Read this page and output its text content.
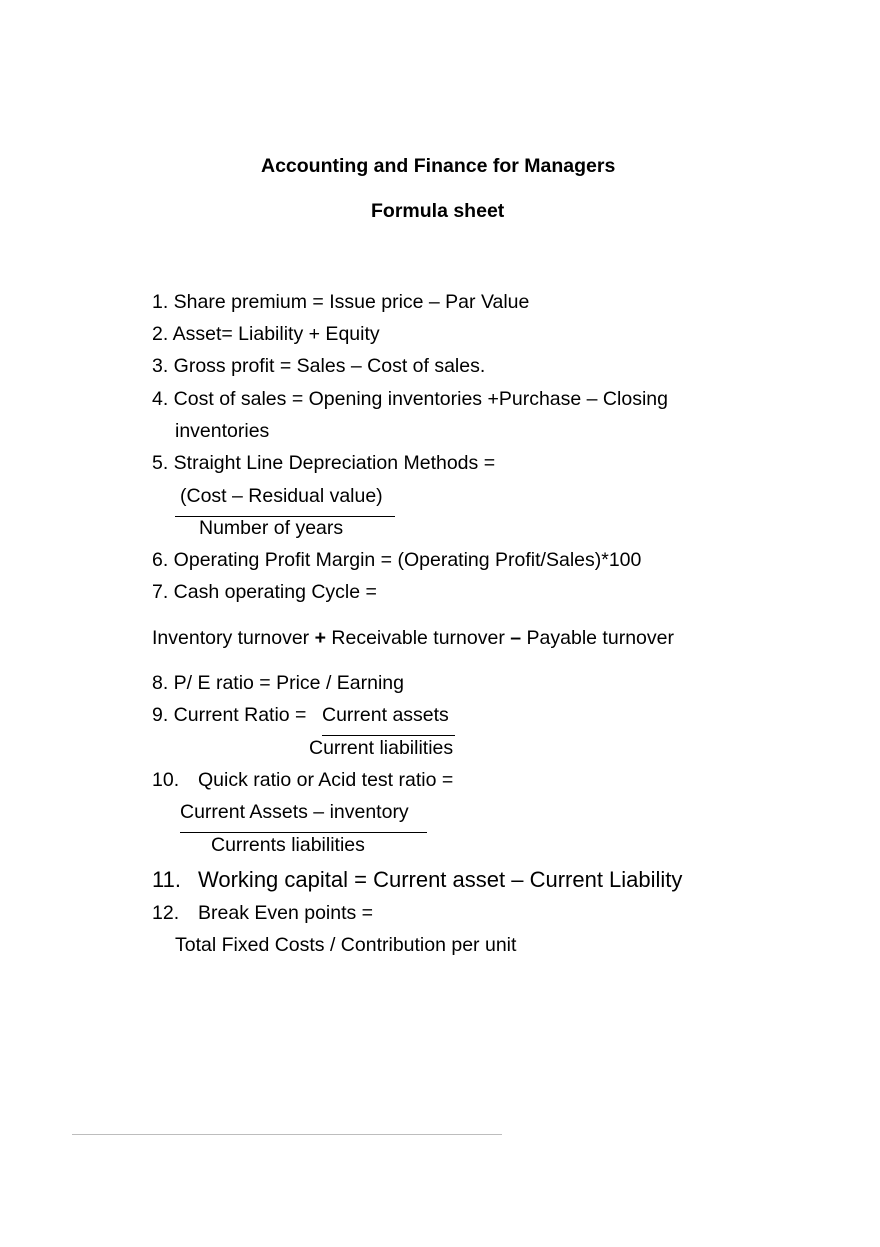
Accounting and Finance for Managers
Formula sheet
1. Share premium = Issue price – Par Value
2. Asset= Liability + Equity
3. Gross profit = Sales – Cost of sales.
4. Cost of sales = Opening inventories +Purchase – Closing
inventories
5. Straight Line Depreciation Methods =
(Cost – Residual value)
Number of years
6. Operating Profit Margin = (Operating Profit/Sales)*100
7. Cash operating Cycle =
Inventory turnover + Receivable turnover – Payable turnover
8. P/ E ratio = Price / Earning
9. Current Ratio = Current assets
Current liabilities
10. Quick ratio or Acid test ratio =
Current Assets – inventory
Currents liabilities
11. Working capital = Current asset – Current Liability
12. Break Even points =
Total Fixed Costs / Contribution per unit
